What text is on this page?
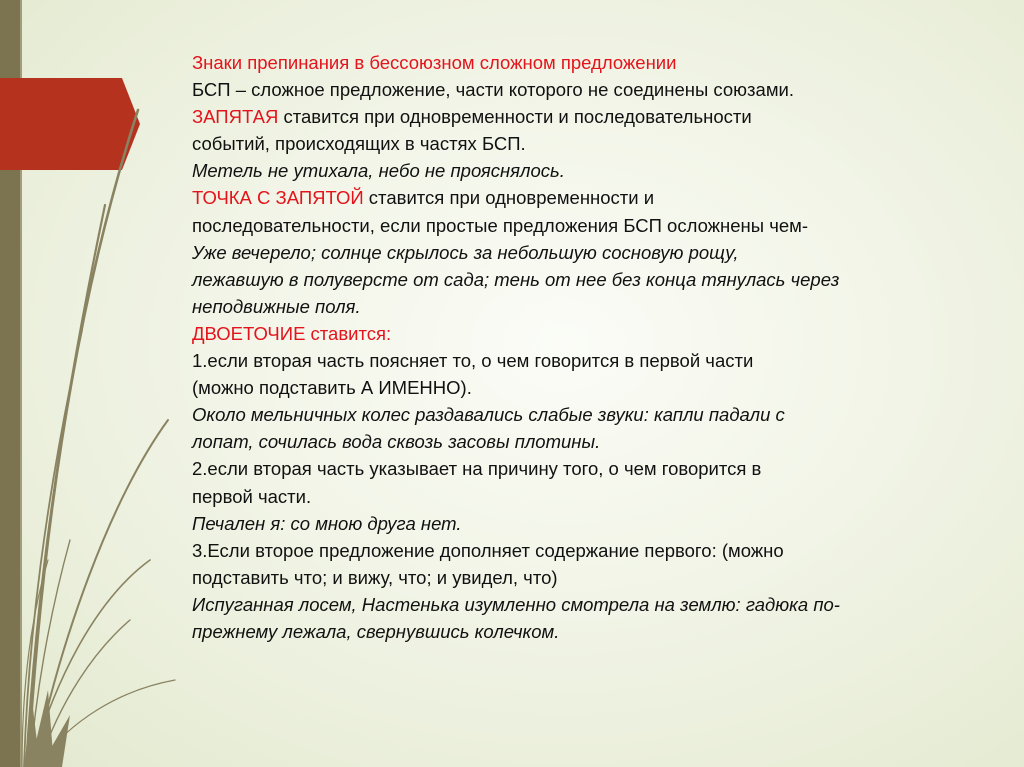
Знаки препинания в бессоюзном сложном предложении
БСП – сложное предложение, части которого не соединены союзами.
ЗАПЯТАЯ ставится при одновременности и последовательности
событий, происходящих в частях БСП.
Метель не утихала, небо не прояснялось.
ТОЧКА С ЗАПЯТОЙ ставится при одновременности и
последовательности, если простые предложения БСП осложнены чем-
Уже вечерело; солнце скрылось за небольшую сосновую рощу,
лежавшую в полуверсте от сада; тень от нее без конца тянулась через
неподвижные поля.
ДВОЕТОЧИЕ ставится:
1.если вторая часть поясняет то, о чем говорится в первой части
(можно подставить А ИМЕННО).
Около мельничных колес раздавались слабые звуки: капли падали с
лопат, сочилась вода сквозь засовы плотины.
2.если вторая часть указывает на причину того, о чем говорится в
первой части.
Печален я: со мною друга нет.
3.Если второе предложение дополняет содержание первого: (можно
подставить что; и вижу, что; и увидел, что)
Испуганная лосем, Настенька изумленно смотрела на землю: гадюка по-
прежнему лежала, свернувшись колечком.
